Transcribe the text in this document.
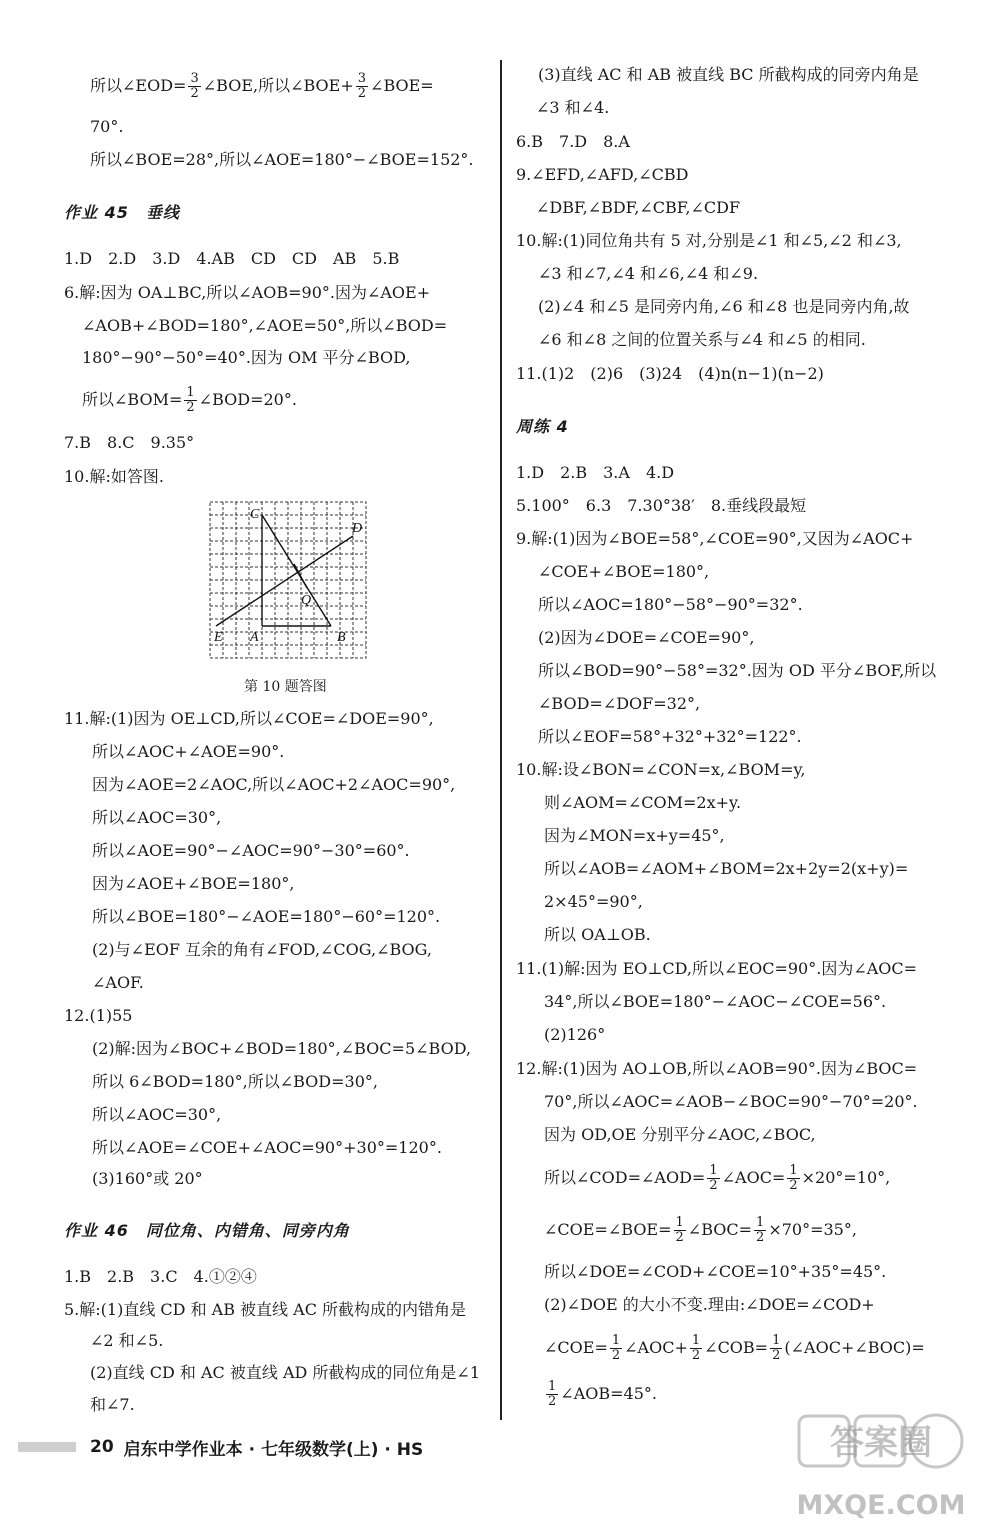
所以∠EOD= $\frac{3}{2}$ ∠BOE,所以∠BOE+ $\frac{3}{2}$ ∠BOE=
70°.
所以∠BOE=28°,所以∠AOE=180°−∠BOE=152°.
作业 45　垂线
1.D　2.D　3.D　4.AB　CD　CD　AB　5.B
6.解:因为 OA⊥BC,所以∠AOB=90°.因为∠AOE+
∠AOB+∠BOD=180°,∠AOE=50°,所以∠BOD=
180°−90°−50°=40°.因为 OM 平分∠BOD,
所以∠BOM= $\frac{1}{2}$ ∠BOD=20°.
7.B　8.C　9.35°
10.解:如答图.
C
D
Q
E A	B
第 10 题答图
11.解:(1)因为 OE⊥CD,所以∠COE=∠DOE=90°,
所以∠AOC+∠AOE=90°.
因为∠AOE=2∠AOC,所以∠AOC+2∠AOC=90°,
所以∠AOC=30°,
所以∠AOE=90°−∠AOC=90°−30°=60°.
因为∠AOE+∠BOE=180°,
所以∠BOE=180°−∠AOE=180°−60°=120°.
(2)与∠EOF 互余的角有∠FOD,∠COG,∠BOG,
∠AOF.
12.(1)55
(2)解:因为∠BOC+∠BOD=180°,∠BOC=5∠BOD,
所以 6∠BOD=180°,所以∠BOD=30°,
所以∠AOC=30°,
所以∠AOE=∠COE+∠AOC=90°+30°=120°.
(3)160°或 20°
作业 46　同位角、内错角、同旁内角
1.B　2.B　3.C　4.①②④
5.解:(1)直线 CD 和 AB 被直线 AC 所截构成的内错角是
∠2 和∠5.
(2)直线 CD 和 AC 被直线 AD 所截构成的同位角是∠1
和∠7.
(3)直线 AC 和 AB 被直线 BC 所截构成的同旁内角是
∠3 和∠4.
6.B　7.D　8.A
9.∠EFD,∠AFD,∠CBD
∠DBF,∠BDF,∠CBF,∠CDF
10.解:(1)同位角共有 5 对,分别是∠1 和∠5,∠2 和∠3,
∠3 和∠7,∠4 和∠6,∠4 和∠9.
(2)∠4 和∠5 是同旁内角,∠6 和∠8 也是同旁内角,故
∠6 和∠8 之间的位置关系与∠4 和∠5 的相同.
11.(1)2　(2)6　(3)24　(4)n(n−1)(n−2)
周练 4
1.D　2.B　3.A　4.D
5.100°　6.3　7.30°38′　8.垂线段最短
9.解:(1)因为∠BOE=58°,∠COE=90°,又因为∠AOC+
∠COE+∠BOE=180°,
所以∠AOC=180°−58°−90°=32°.
(2)因为∠DOE=∠COE=90°,
所以∠BOD=90°−58°=32°.因为 OD 平分∠BOF,所以
∠BOD=∠DOF=32°,
所以∠EOF=58°+32°+32°=122°.
10.解:设∠BON=∠CON=x,∠BOM=y,
则∠AOM=∠COM=2x+y.
因为∠MON=x+y=45°,
所以∠AOB=∠AOM+∠BOM=2x+2y=2(x+y)=
2×45°=90°,
所以 OA⊥OB.
11.(1)解:因为 EO⊥CD,所以∠EOC=90°.因为∠AOC=
34°,所以∠BOE=180°−∠AOC−∠COE=56°.
(2)126°
12.解:(1)因为 AO⊥OB,所以∠AOB=90°.因为∠BOC=
70°,所以∠AOC=∠AOB−∠BOC=90°−70°=20°.
因为 OD,OE 分别平分∠AOC,∠BOC,
所以∠COD=∠AOD= $\frac{1}{2}$ ∠AOC= $\frac{1}{2} \times 20^\circ=10^\circ$,
∠COE=∠BOE= $\frac{1}{2}$ ∠BOC= $\frac{1}{2} \times 70^\circ=35^\circ$,
所以∠DOE=∠COD+∠COE=10°+35°=45°.
(2)∠DOE 的大小不变.理由:∠DOE=∠COD+
∠COE= $\frac{1}{2}$ ∠AOC+ $\frac{1}{2}$ ∠COB= $\frac{1}{2}$ (∠AOC+∠BOC)=
$\frac{1}{2}$ ∠AOB=45°.
20 启东中学作业本 · 七年级数学(上) · HS	答案圈
MXQE.COM
